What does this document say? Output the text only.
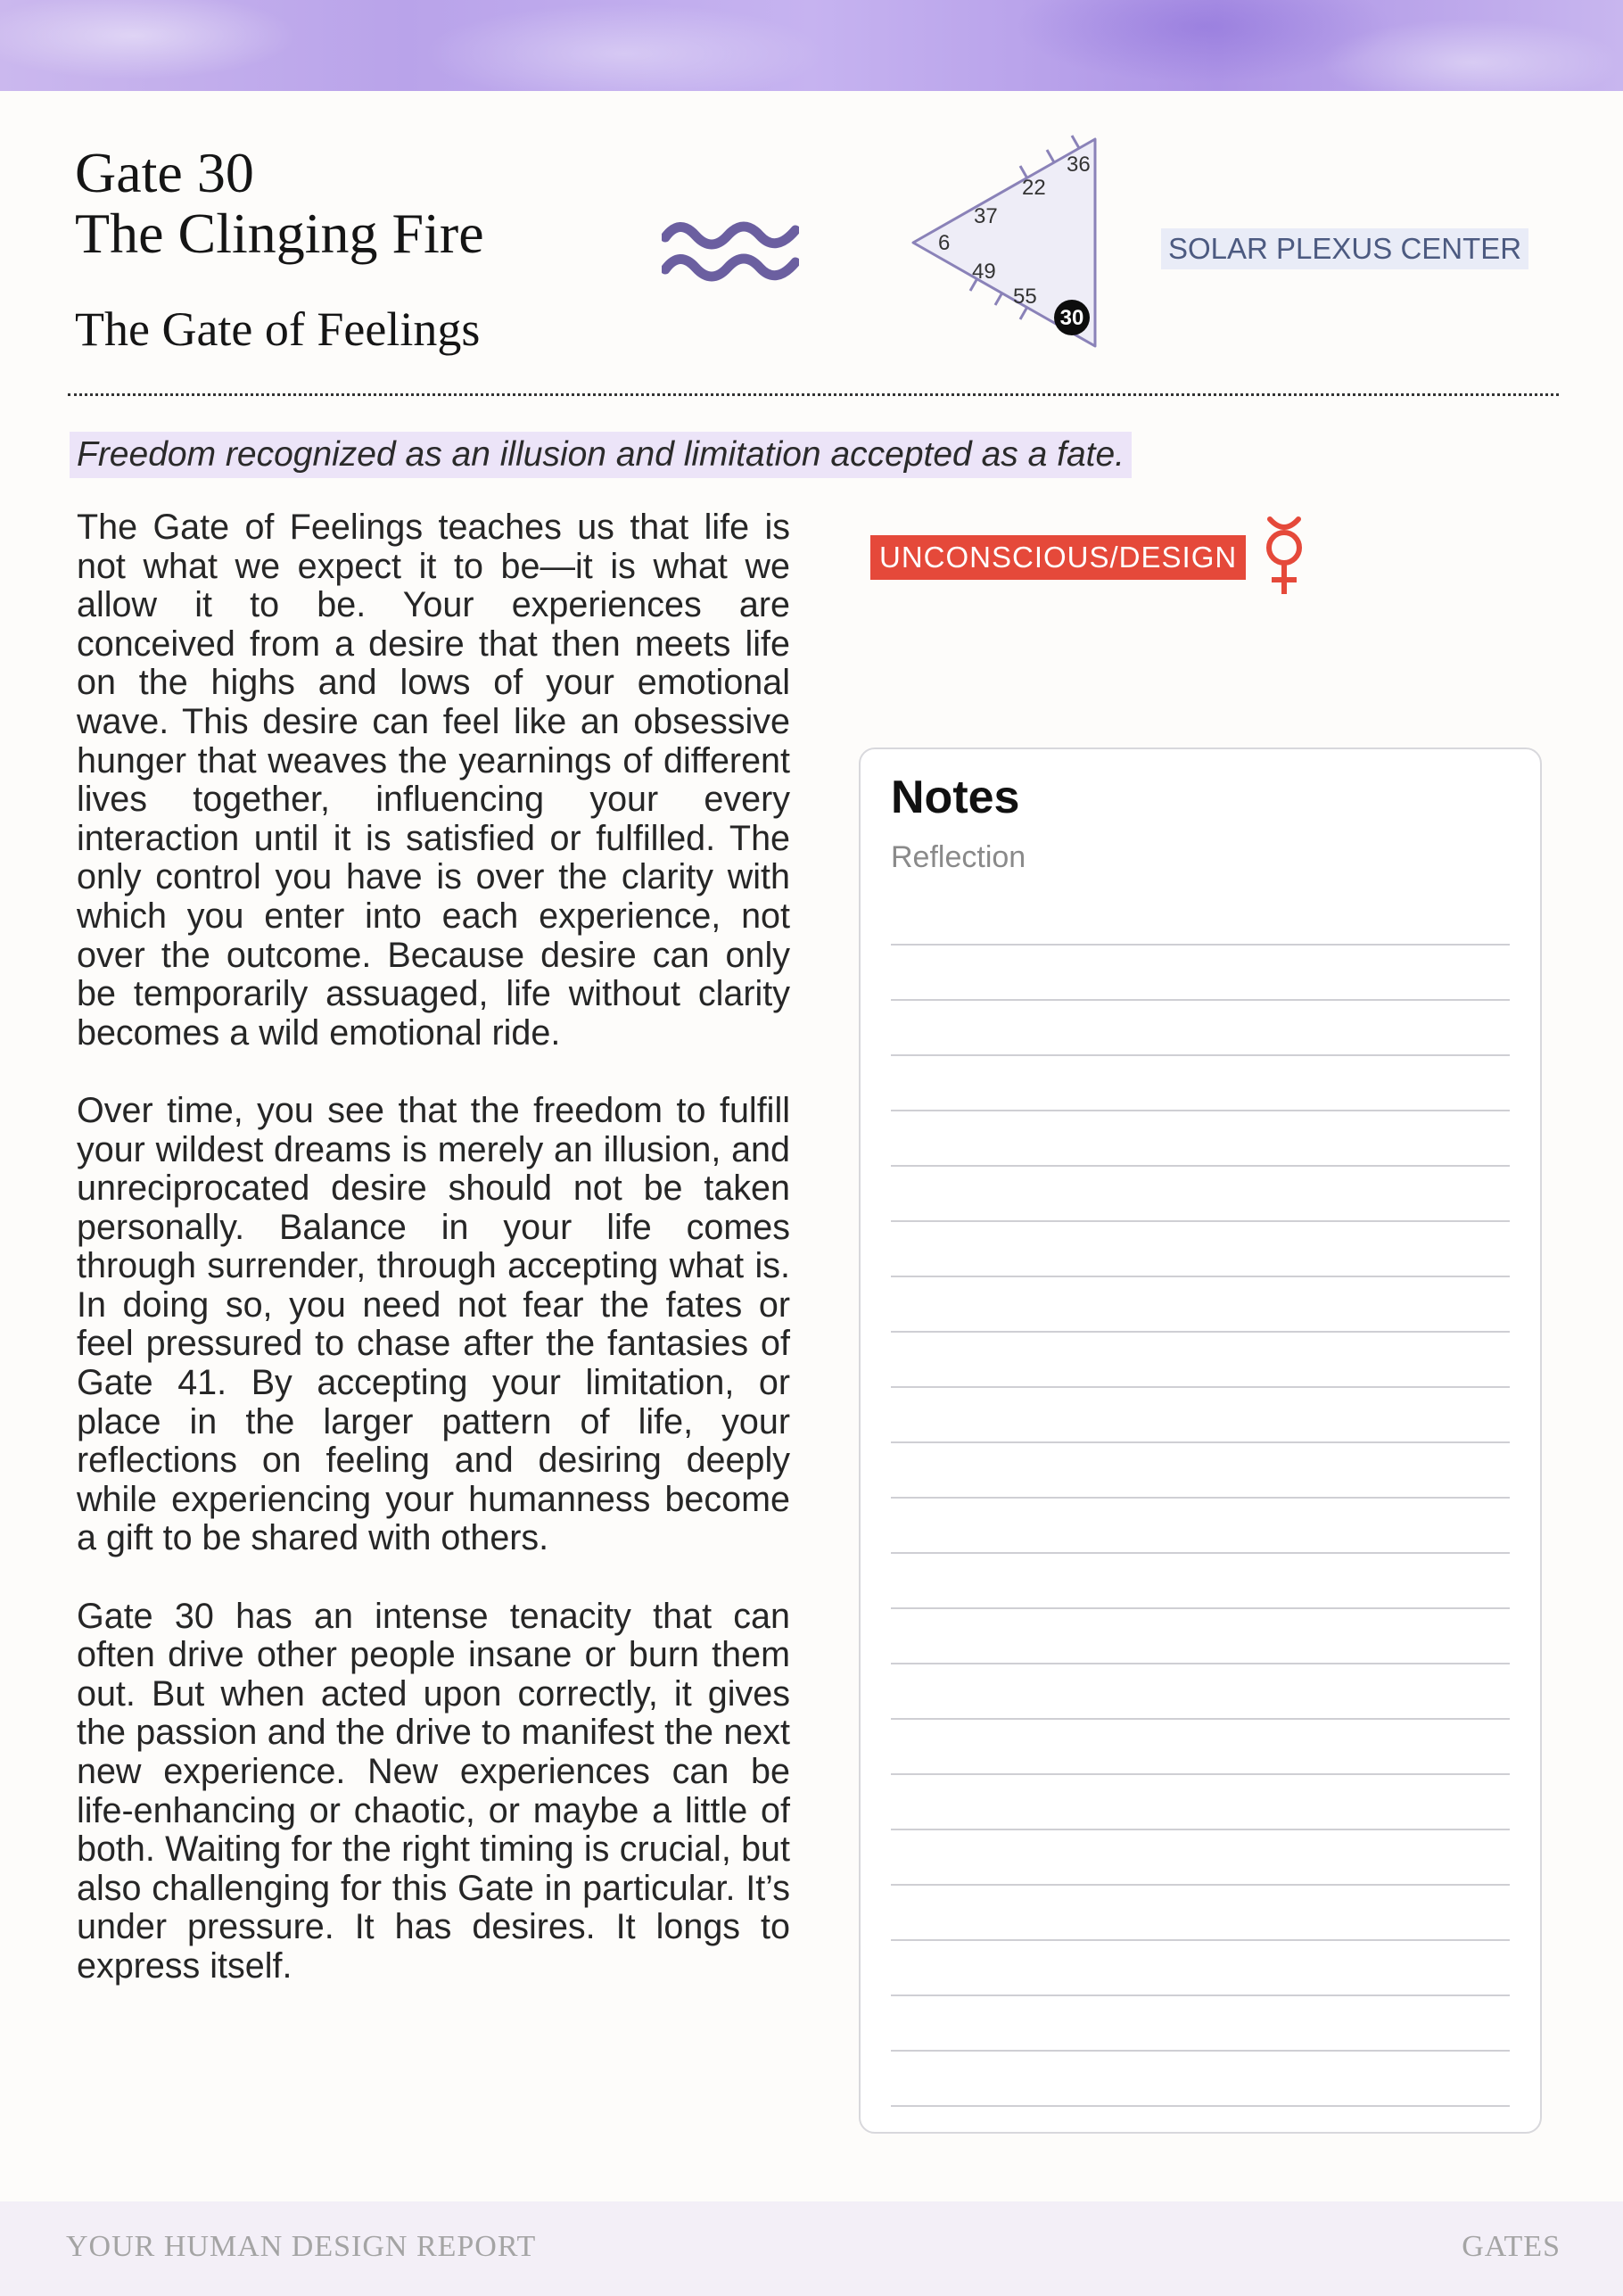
Gate 30
The Clinging Fire
The Gate of Feelings
36
22
37
6
49
55
30
SOLAR PLEXUS CENTER
Freedom recognized as an illusion and limitation accepted as a fate.

The Gate of Feelings teaches us that life is not what we expect it to be—it is what we allow it to be. Your experiences are conceived from a desire that then meets life on the highs and lows of your emotional wave. This desire can feel like an obsessive hunger that weaves the yearnings of different lives together, influencing your every interaction until it is satisfied or fulfilled. The only control you have is over the clarity with which you enter into each experience, not over the outcome. Because desire can only be temporarily assuaged, life without clarity becomes a wild emotional ride.

Over time, you see that the freedom to fulfill your wildest dreams is merely an illusion, and unreciprocated desire should not be taken personally. Balance in your life comes through surrender, through accepting what is. In doing so, you need not fear the fates or feel pressured to chase after the fantasies of Gate 41. By accepting your limitation, or place in the larger pattern of life, your reflections on feeling and desiring deeply while experiencing your humanness become a gift to be shared with others.

Gate 30 has an intense tenacity that can often drive other people insane or burn them out. But when acted upon correctly, it gives the passion and the drive to manifest the next new experience. New experiences can be life-enhancing or chaotic, or maybe a little of both. Waiting for the right timing is crucial, but also challenging for this Gate in particular. It’s under pressure. It has desires. It longs to express itself.

UNCONSCIOUS/DESIGN
Notes
Reflection
YOUR HUMAN DESIGN REPORT	GATES
